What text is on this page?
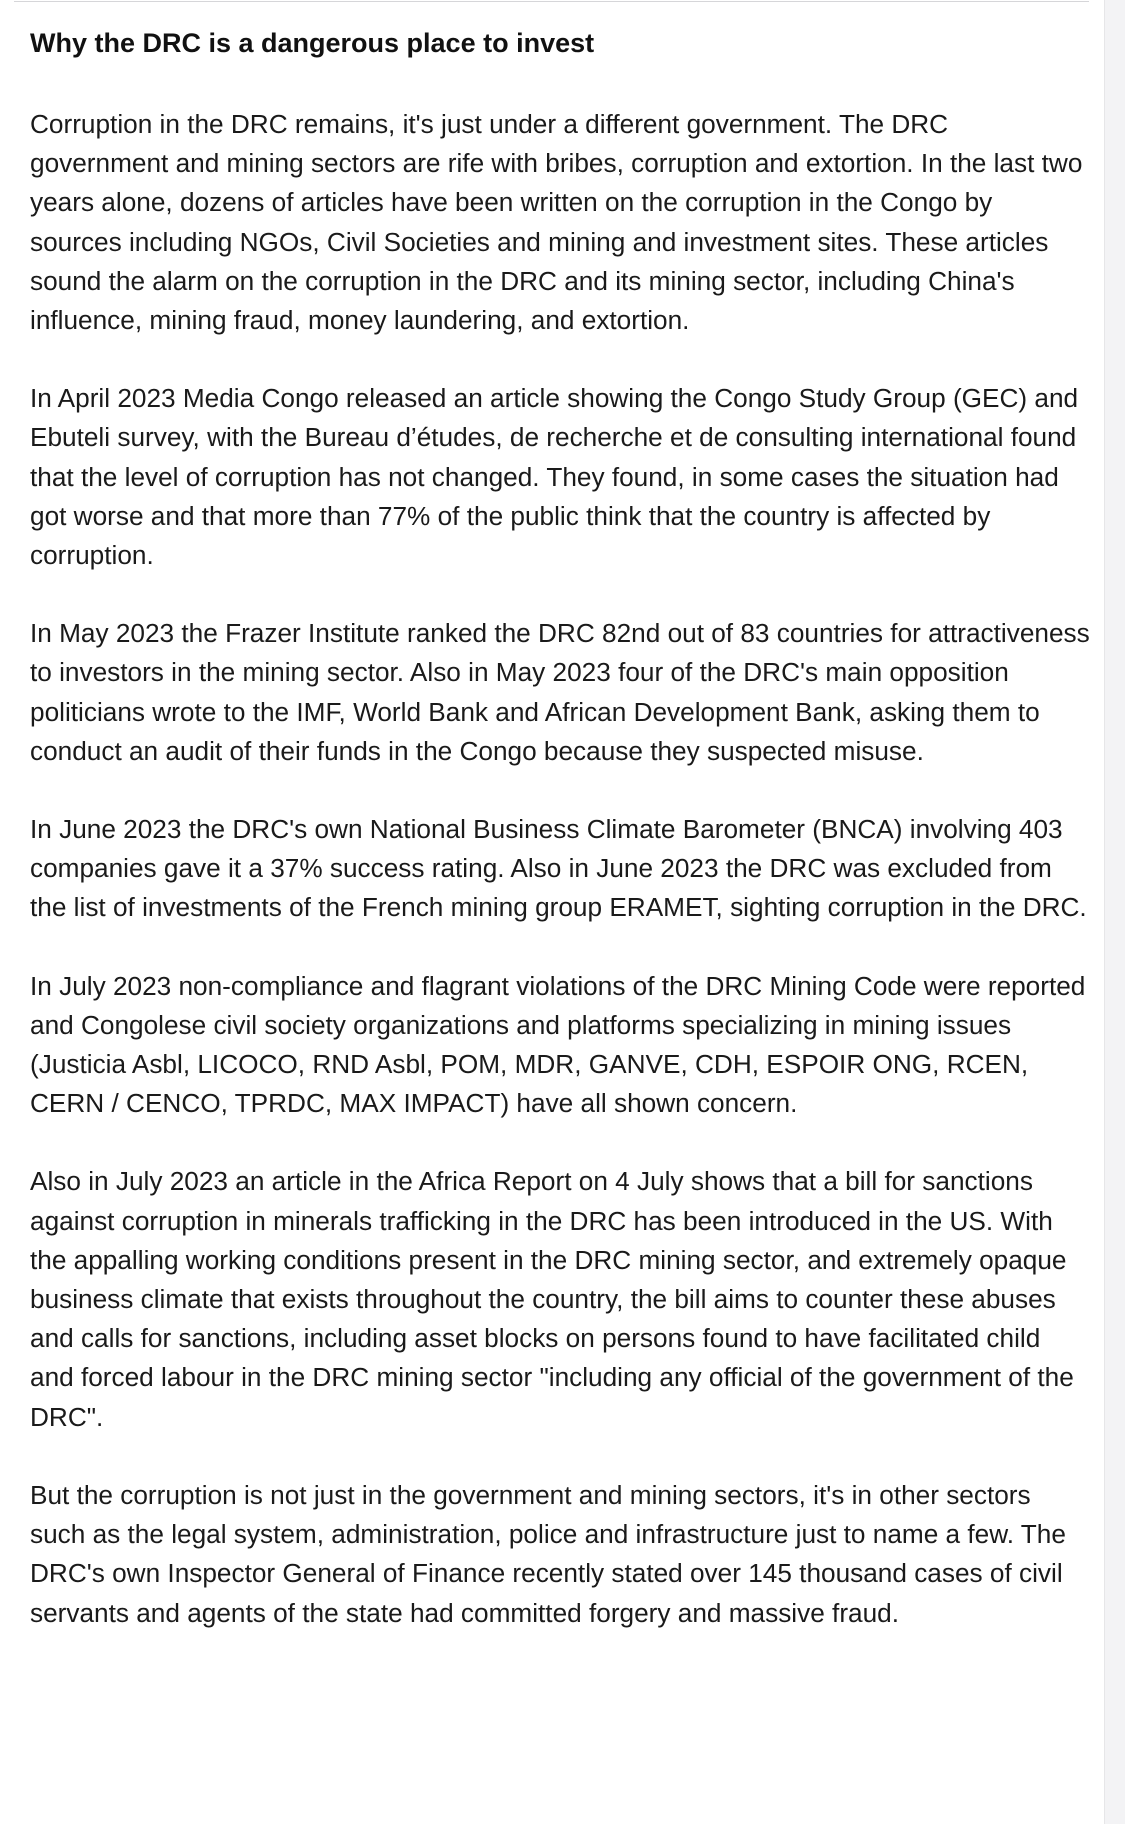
Why the DRC is a dangerous place to invest

Corruption in the DRC remains, it's just under a different government. The DRC government and mining sectors are rife with bribes, corruption and extortion. In the last two years alone, dozens of articles have been written on the corruption in the Congo by sources including NGOs, Civil Societies and mining and investment sites. These articles sound the alarm on the corruption in the DRC and its mining sector, including China's influence, mining fraud, money laundering, and extortion.

In April 2023 Media Congo released an article showing the Congo Study Group (GEC) and Ebuteli survey, with the Bureau d’études, de recherche et de consulting international found that the level of corruption has not changed. They found, in some cases the situation had got worse and that more than 77% of the public think that the country is affected by corruption.

In May 2023 the Frazer Institute ranked the DRC 82nd out of 83 countries for attractiveness to investors in the mining sector. Also in May 2023 four of the DRC's main opposition politicians wrote to the IMF, World Bank and African Development Bank, asking them to conduct an audit of their funds in the Congo because they suspected misuse.

In June 2023 the DRC's own National Business Climate Barometer (BNCA) involving 403 companies gave it a 37% success rating. Also in June 2023 the DRC was excluded from the list of investments of the French mining group ERAMET, sighting corruption in the DRC.

In July 2023 non-compliance and flagrant violations of the DRC Mining Code were reported and Congolese civil society organizations and platforms specializing in mining issues (Justicia Asbl, LICOCO, RND Asbl, POM, MDR, GANVE, CDH, ESPOIR ONG, RCEN, CERN / CENCO, TPRDC, MAX IMPACT) have all shown concern.

Also in July 2023 an article in the Africa Report on 4 July shows that a bill for sanctions against corruption in minerals trafficking in the DRC has been introduced in the US. With the appalling working conditions present in the DRC mining sector, and extremely opaque business climate that exists throughout the country, the bill aims to counter these abuses and calls for sanctions, including asset blocks on persons found to have facilitated child and forced labour in the DRC mining sector "including any official of the government of the DRC".

But the corruption is not just in the government and mining sectors, it's in other sectors such as the legal system, administration, police and infrastructure just to name a few. The DRC's own Inspector General of Finance recently stated over 145 thousand cases of civil servants and agents of the state had committed forgery and massive fraud.
